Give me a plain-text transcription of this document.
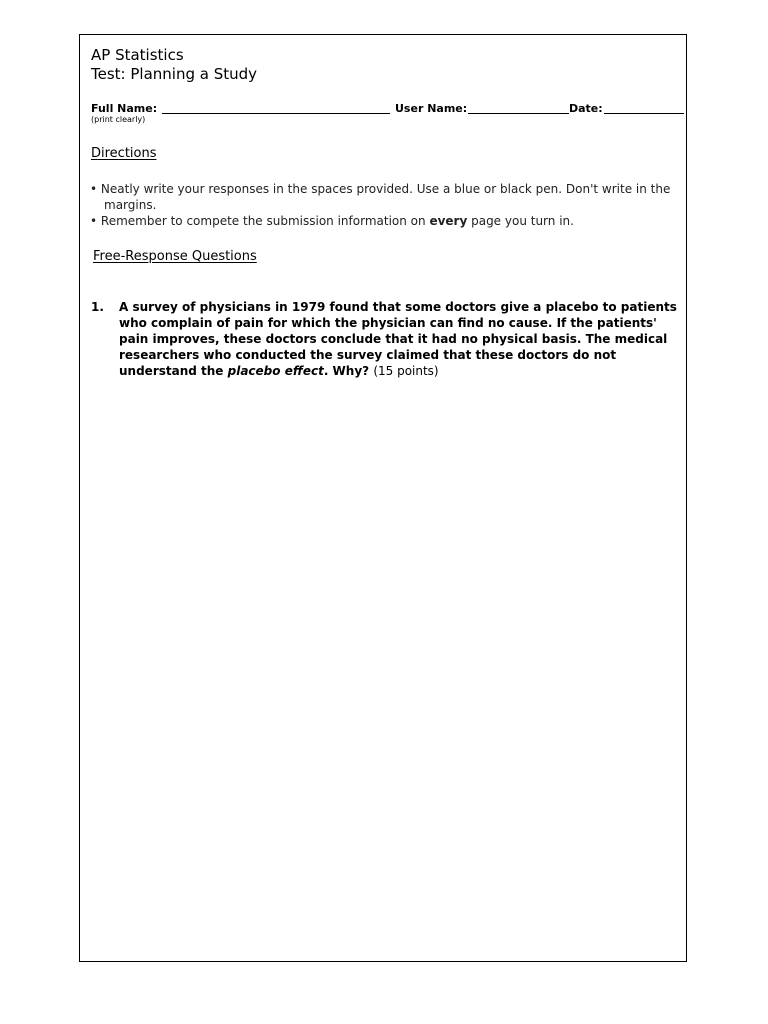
AP Statistics
Test: Planning a Study
Full Name:	User Name:	Date:
(print clearly)
Directions

• Neatly write your responses in the spaces provided. Use a blue or black pen. Don't write in the margins.

• Remember to compete the submission information on every page you turn in.

Free-Response Questions
1. A survey of physicians in 1979 found that some doctors give a placebo to patients who complain of pain for which the physician can find no cause. If the patients' pain improves, these doctors conclude that it had no physical basis. The medical researchers who conducted the survey claimed that these doctors do not understand the placebo effect. Why? (15 points)
